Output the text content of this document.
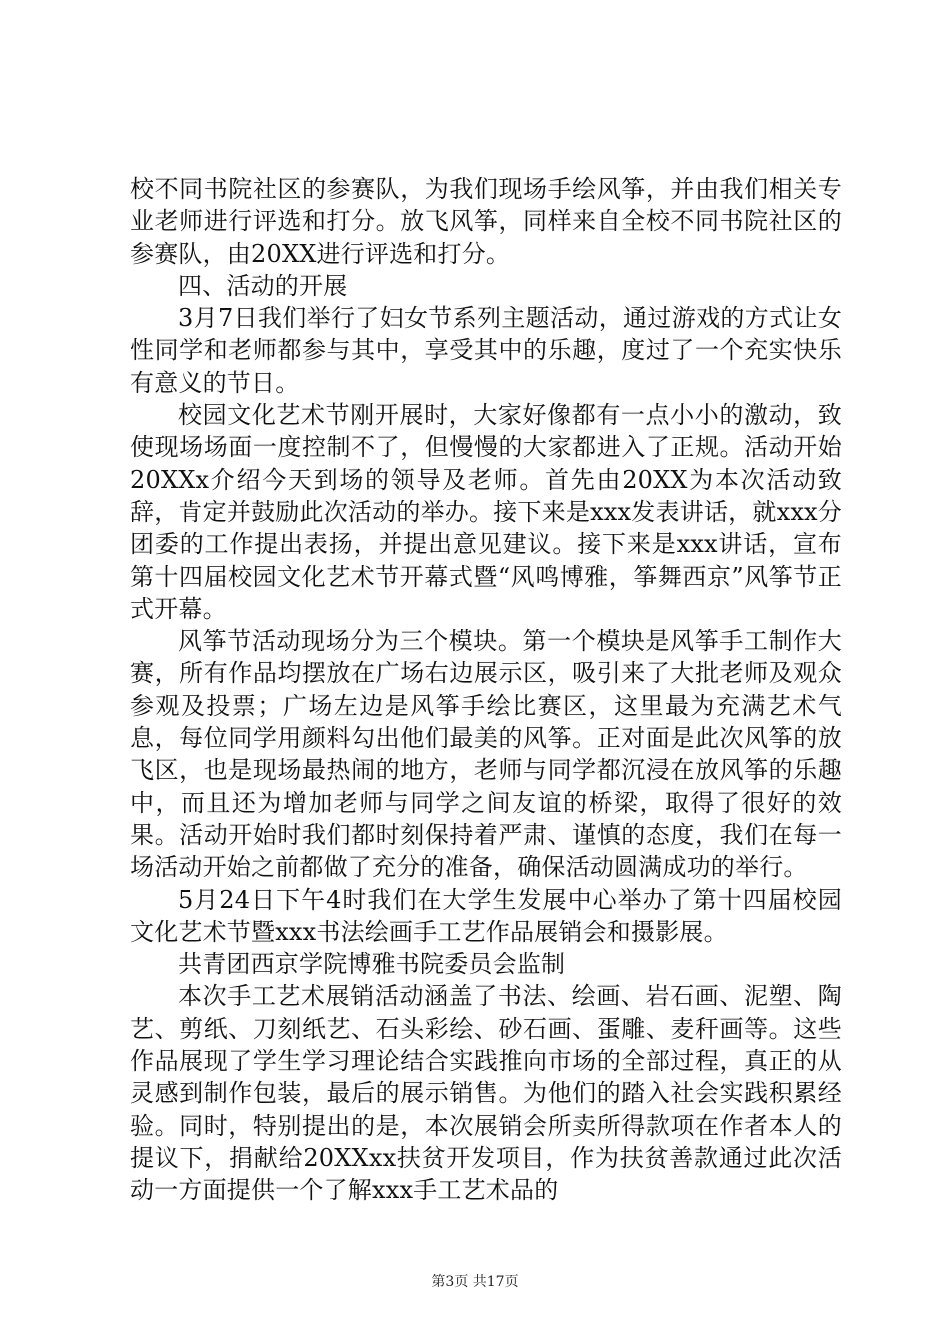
校不同书院社区的参赛队，为我们现场手绘风筝，并由我们相关专业老师进行评选和打分。放飞风筝，同样来自全校不同书院社区的参赛队，由20XX进行评选和打分。

四、活动的开展

3月7日我们举行了妇女节系列主题活动，通过游戏的方式让女性同学和老师都参与其中，享受其中的乐趣，度过了一个充实快乐有意义的节日。

校园文化艺术节刚开展时，大家好像都有一点小小的激动，致使现场场面一度控制不了，但慢慢的大家都进入了正规。活动开始20XXx介绍今天到场的领导及老师。首先由20XX为本次活动致辞，肯定并鼓励此次活动的举办。接下来是xxx发表讲话，就xxx分团委的工作提出表扬，并提出意见建议。接下来是xxx讲话，宣布第十四届校园文化艺术节开幕式暨“风鸣博雅，筝舞西京”风筝节正式开幕。

风筝节活动现场分为三个模块。第一个模块是风筝手工制作大赛，所有作品均摆放在广场右边展示区，吸引来了大批老师及观众参观及投票；广场左边是风筝手绘比赛区，这里最为充满艺术气息，每位同学用颜料勾出他们最美的风筝。正对面是此次风筝的放飞区，也是现场最热闹的地方，老师与同学都沉浸在放风筝的乐趣中，而且还为增加老师与同学之间友谊的桥梁，取得了很好的效果。活动开始时我们都时刻保持着严肃、谨慎的态度，我们在每一场活动开始之前都做了充分的准备，确保活动圆满成功的举行。

5月24日下午4时我们在大学生发展中心举办了第十四届校园文化艺术节暨xxx书法绘画手工艺作品展销会和摄影展。

共青团西京学院博雅书院委员会监制

本次手工艺术展销活动涵盖了书法、绘画、岩石画、泥塑、陶艺、剪纸、刀刻纸艺、石头彩绘、砂石画、蛋雕、麦秆画等。这些作品展现了学生学习理论结合实践推向市场的全部过程，真正的从灵感到制作包装，最后的展示销售。为他们的踏入社会实践积累经验。同时，特别提出的是，本次展销会所卖所得款项在作者本人的提议下，捐献给20XXxx扶贫开发项目，作为扶贫善款通过此次活动一方面提供一个了解xxx手工艺术品的

第3页 共17页
